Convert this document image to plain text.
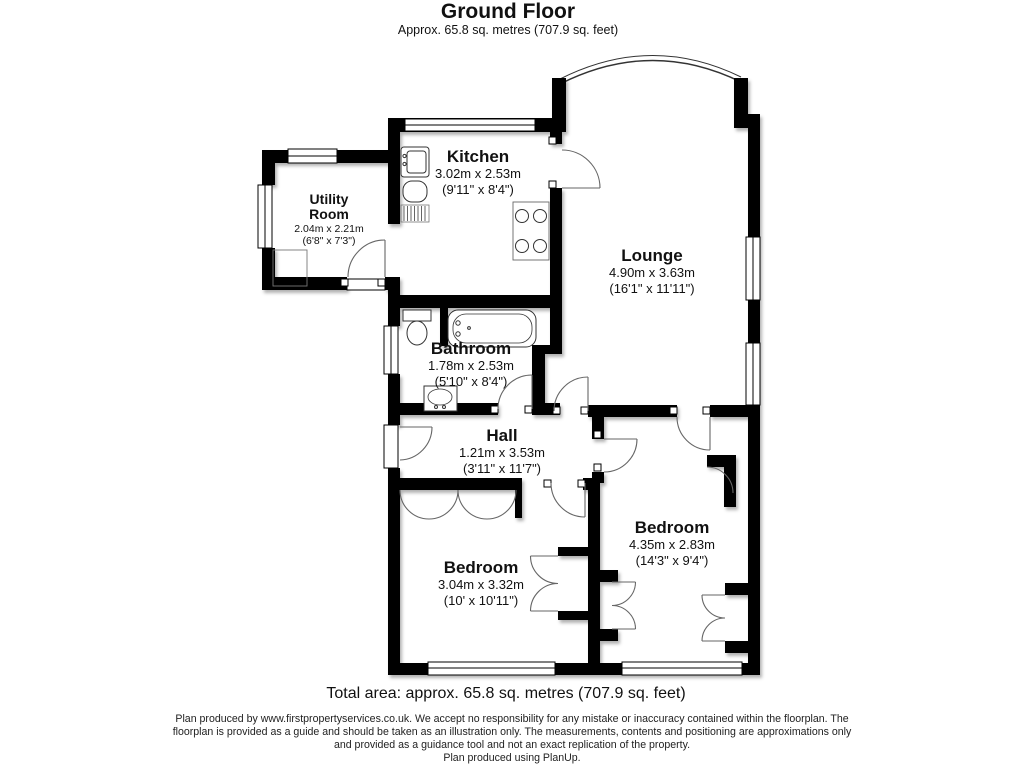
Ground Floor
Approx. 65.8 sq. metres (707.9 sq. feet)
Kitchen
3.02m x 2.53m
(9'11" x 8'4")
Utility
Room
2.04m x 2.21m
(6'8" x 7'3")
Lounge
4.90m x 3.63m
(16'1" x 11'11")
Bathroom
1.78m x 2.53m
(5'10" x 8'4")
Hall
1.21m x 3.53m
(3'11" x 11'7")
Bedroom
3.04m x 3.32m
(10' x 10'11")
Bedroom
4.35m x 2.83m
(14'3" x 9'4")
Total area: approx. 65.8 sq. metres (707.9 sq. feet)
Plan produced by www.firstpropertyservices.co.uk. We accept no responsibility for any mistake or inaccuracy contained within the floorplan. The
floorplan is provided as a guide and should be taken as an illustration only. The measurements, contents and positioning are approximations only
and provided as a guidance tool and not an exact replication of the property.
Plan produced using PlanUp.
